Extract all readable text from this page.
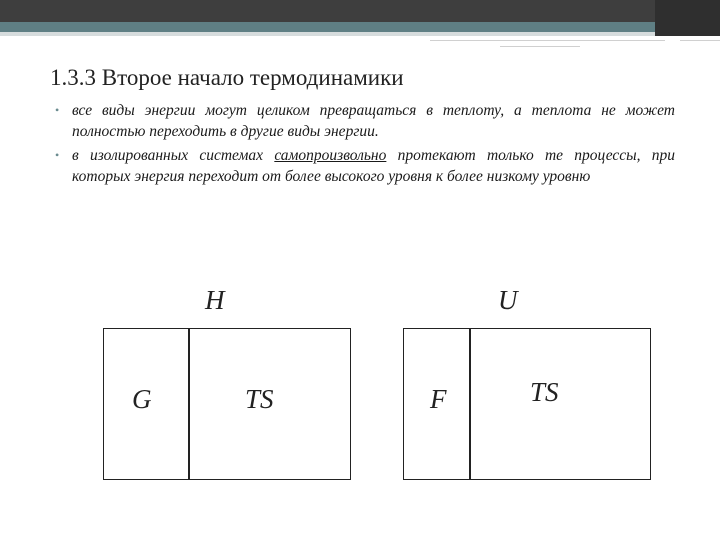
1.3.3 Второе начало термодинамики
• все виды энергии могут целиком превращаться в теплоту, а теплота не может полностью переходить в другие виды энергии.
• в изолированных системах самопроизвольно протекают только те процессы, при которых энергия переходит от более высокого уровня к более низкому уровню
H
G	TS
U
F	TS
